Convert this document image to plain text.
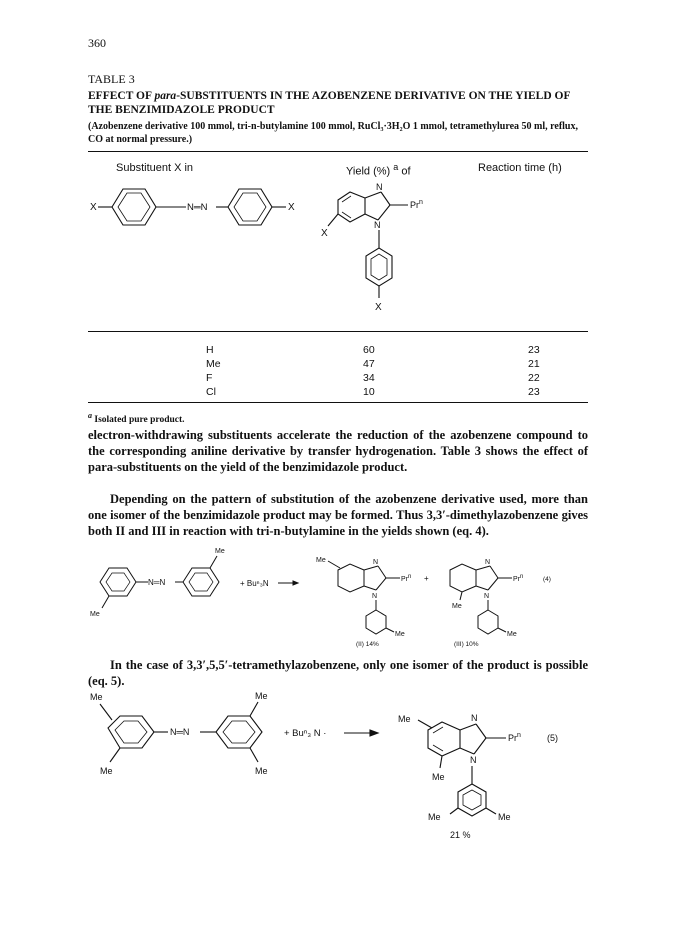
360
TABLE 3
EFFECT OF para-SUBSTITUENTS IN THE AZOBENZENE DERIVATIVE ON THE YIELD OF THE BENZIMIDAZOLE PRODUCT
(Azobenzene derivative 100 mmol, tri-n-butylamine 100 mmol, RuCl₃·3H₂O 1 mmol, tetramethylurea 50 ml, reflux, CO at normal pressure.)
Substituent X in	Yield (%) $^a$ of	Reaction time (h)
X	N═N	X
N
N
Pr$^n$
X
X
H	60	23
Me	47	21
F	34	22
Cl	10	23
$^a$ Isolated pure product.
electron-withdrawing substituents accelerate the reduction of the azobenzene compound to the corresponding aniline derivative by transfer hydrogenation. Table 3 shows the effect of para-substituents on the yield of the benzimidazole product.
Depending on the pattern of substitution of the azobenzene derivative used, more than one isomer of the benzimidazole product may be formed. Thus 3,3′-dimethylazobenzene gives both II and III in reaction with tri-n-butylamine in the yields shown (eq. 4).
Me
N═N
Me
+ Buⁿ₃N
Me	N
N
Prn +
Me
N
N
Prn	(4)
Me
Me
(II) 14%	(III) 10%
In the case of 3,3′,5,5′-tetramethylazobenzene, only one isomer of the product is possible (eq. 5).
Me
Me
N═N
Me
Me
+ Buⁿ₃ N ·
Me	N
N
Pr$^n$	(5)
Me
Me	Me
21 %
